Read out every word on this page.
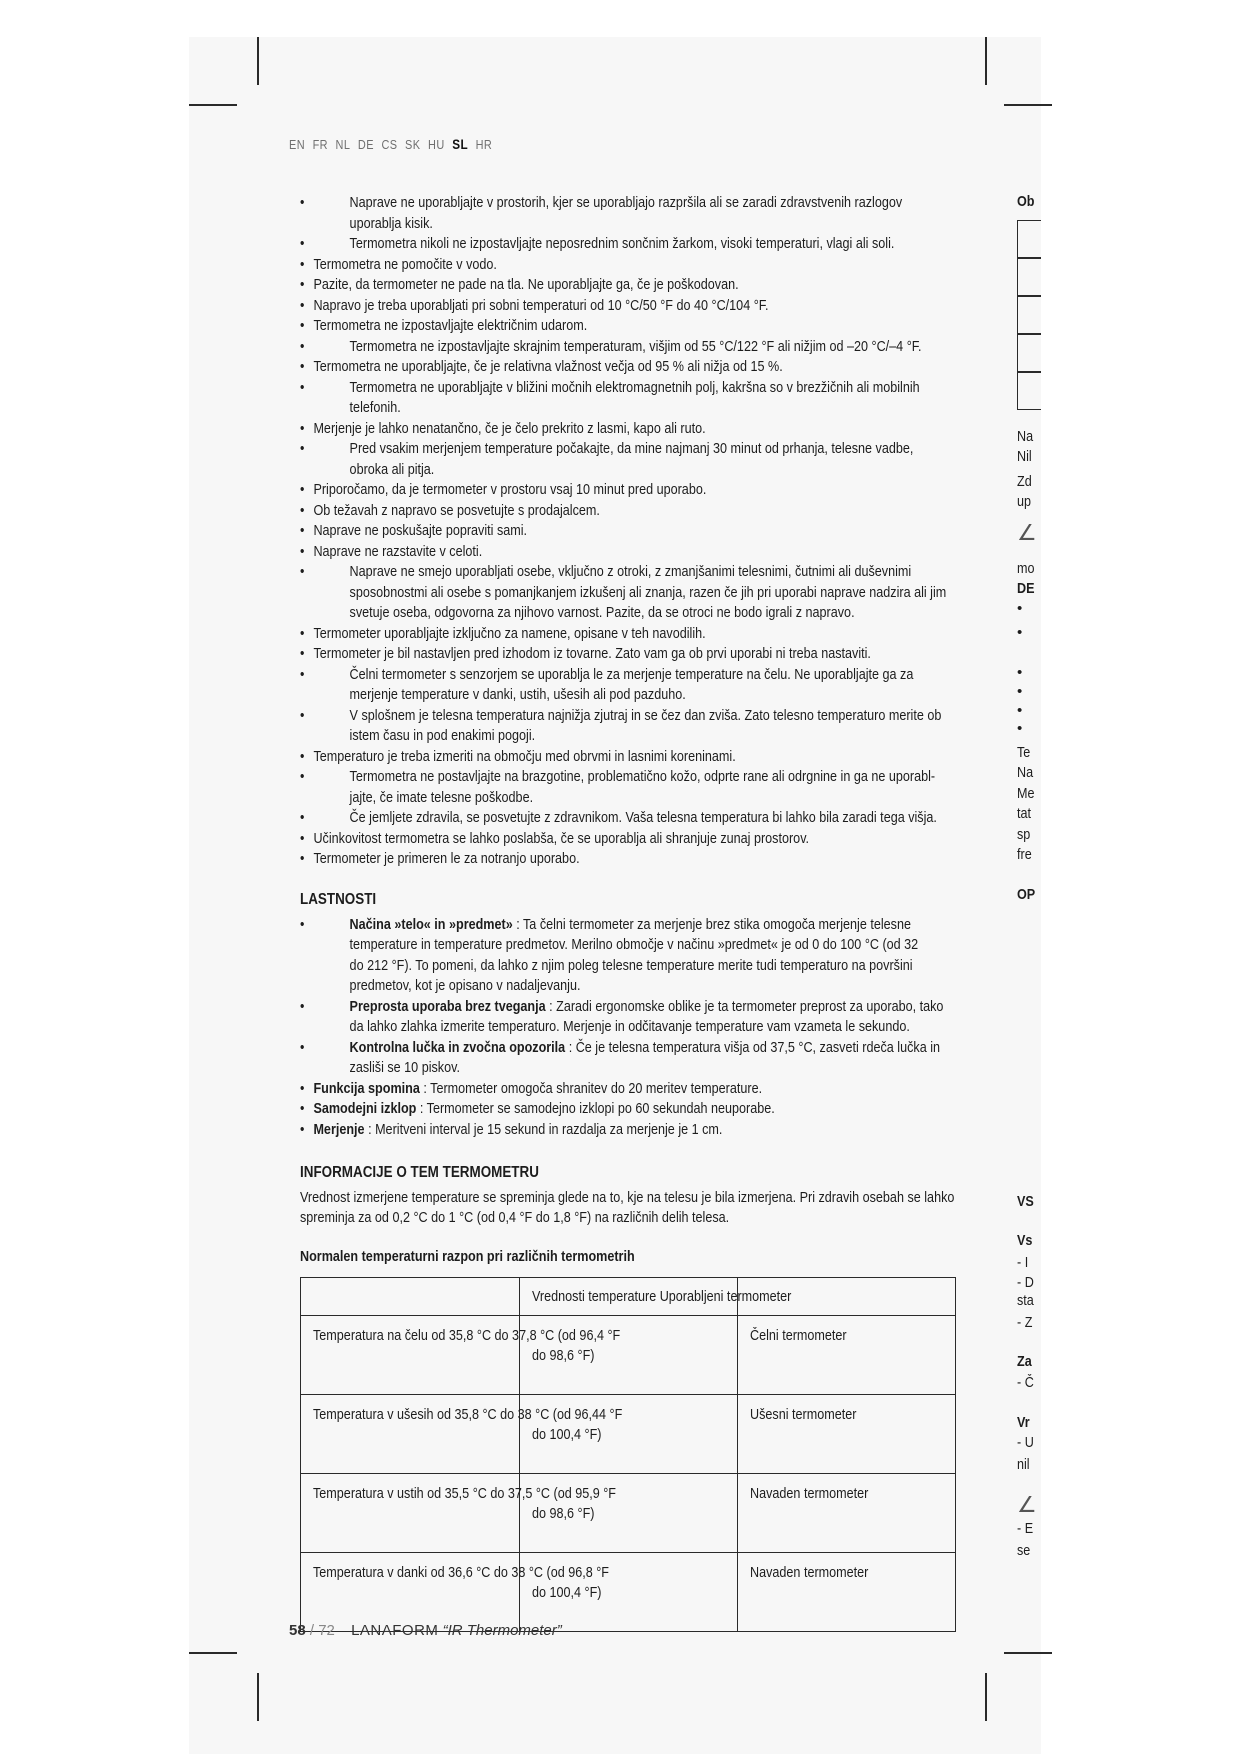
EN FR NL DE CS SK HU SL HR
•	Naprave ne uporabljajte v prostorih, kjer se uporabljajo razpršila ali se zaradi zdravstvenih razlogov
uporablja kisik.
•	Termometra nikoli ne izpostavljajte neposrednim sončnim žarkom, visoki temperaturi, vlagi ali soli.
• Termometra ne pomočite v vodo.
• Pazite, da termometer ne pade na tla. Ne uporabljajte ga, če je poškodovan.
• Napravo je treba uporabljati pri sobni temperaturi od 10 °C/50 °F do 40 °C/104 °F.
• Termometra ne izpostavljajte električnim udarom.
•	Termometra ne izpostavljajte skrajnim temperaturam, višjim od 55 °C/122 °F ali nižjim od –20 °C/–4 °F.
• Termometra ne uporabljajte, če je relativna vlažnost večja od 95 % ali nižja od 15 %.
•	Termometra ne uporabljajte v bližini močnih elektromagnetnih polj, kakršna so v brezžičnih ali mobilnih
telefonih.
• Merjenje je lahko nenatančno, če je čelo prekrito z lasmi, kapo ali ruto.
•	Pred vsakim merjenjem temperature počakajte, da mine najmanj 30 minut od prhanja, telesne vadbe,
obroka ali pitja.
• Priporočamo, da je termometer v prostoru vsaj 10 minut pred uporabo.
• Ob težavah z napravo se posvetujte s prodajalcem.
• Naprave ne poskušajte popraviti sami.
• Naprave ne razstavite v celoti.
•	Naprave ne smejo uporabljati osebe, vključno z otroki, z zmanjšanimi telesnimi, čutnimi ali duševnimi
sposobnostmi ali osebe s pomanjkanjem izkušenj ali znanja, razen če jih pri uporabi naprave nadzira ali jim
svetuje oseba, odgovorna za njihovo varnost. Pazite, da se otroci ne bodo igrali z napravo.
• Termometer uporabljajte izključno za namene, opisane v teh navodilih.
• Termometer je bil nastavljen pred izhodom iz tovarne. Zato vam ga ob prvi uporabi ni treba nastaviti.
•	Čelni termometer s senzorjem se uporablja le za merjenje temperature na čelu. Ne uporabljajte ga za
merjenje temperature v danki, ustih, ušesih ali pod pazduho.
•	V splošnem je telesna temperatura najnižja zjutraj in se čez dan zviša. Zato telesno temperaturo merite ob
istem času in pod enakimi pogoji.
• Temperaturo je treba izmeriti na območju med obrvmi in lasnimi koreninami.
•	Termometra ne postavljajte na brazgotine, problematično kožo, odprte rane ali odrgnine in ga ne uporabl-
jajte, če imate telesne poškodbe.
•	Če jemljete zdravila, se posvetujte z zdravnikom. Vaša telesna temperatura bi lahko bila zaradi tega višja.
• Učinkovitost termometra se lahko poslabša, če se uporablja ali shranjuje zunaj prostorov.
• Termometer je primeren le za notranjo uporabo.
LASTNOSTI
•	Načina »telo« in »predmet» : Ta čelni termometer za merjenje brez stika omogoča merjenje telesne
temperature in temperature predmetov. Merilno območje v načinu »predmet« je od 0 do 100 °C (od 32
do 212 °F). To pomeni, da lahko z njim poleg telesne temperature merite tudi temperaturo na površini
predmetov, kot je opisano v nadaljevanju.
•	Preprosta uporaba brez tveganja : Zaradi ergonomske oblike je ta termometer preprost za uporabo, tako
da lahko zlahka izmerite temperaturo. Merjenje in odčitavanje temperature vam vzameta le sekundo.
•	Kontrolna lučka in zvočna opozorila : Če je telesna temperatura višja od 37,5 °C, zasveti rdeča lučka in
zasliši se 10 piskov.
• Funkcija spomina : Termometer omogoča shranitev do 20 meritev temperature.
• Samodejni izklop : Termometer se samodejno izklopi po 60 sekundah neuporabe.
• Merjenje : Meritveni interval je 15 sekund in razdalja za merjenje je 1 cm.
INFORMACIJE O TEM TERMOMETRU
Vrednost izmerjene temperature se spreminja glede na to, kje na telesu je bila izmerjena. Pri zdravih osebah se lahko
spreminja za od 0,2 °C do 1 °C (od 0,4 °F do 1,8 °F) na različnih delih telesa.
Normalen temperaturni razpon pri različnih termometrih

	Vrednosti temperature Uporabljeni termometer	

Temperatura na čelu od 35,8 °C do 37,8 °C (od 96,4 °F	do 98,6 °F)	Čelni termometer

Temperatura v ušesih od 35,8 °C do 38 °C (od 96,44 °F	do 100,4 °F)	Ušesni termometer

Temperatura v ustih od 35,5 °C do 37,5 °C (od 95,9 °F	do 98,6 °F)	Navaden termometer

Temperatura v danki od 36,6 °C do 38 °C (od 96,8 °F	do 100,4 °F)	Navaden termometer
58 / 72 LANAFORM “IR Thermometer”
Ob
Na
Nil
Zd
up
mo
DE
Te
Na
Me
tat
sp
fre
OP
VS
Vs
- I
- D
sta
- Z
Za
- Č
Vr
- U
nil
- E
se
∠
∠
•
•
•
•
•
•
